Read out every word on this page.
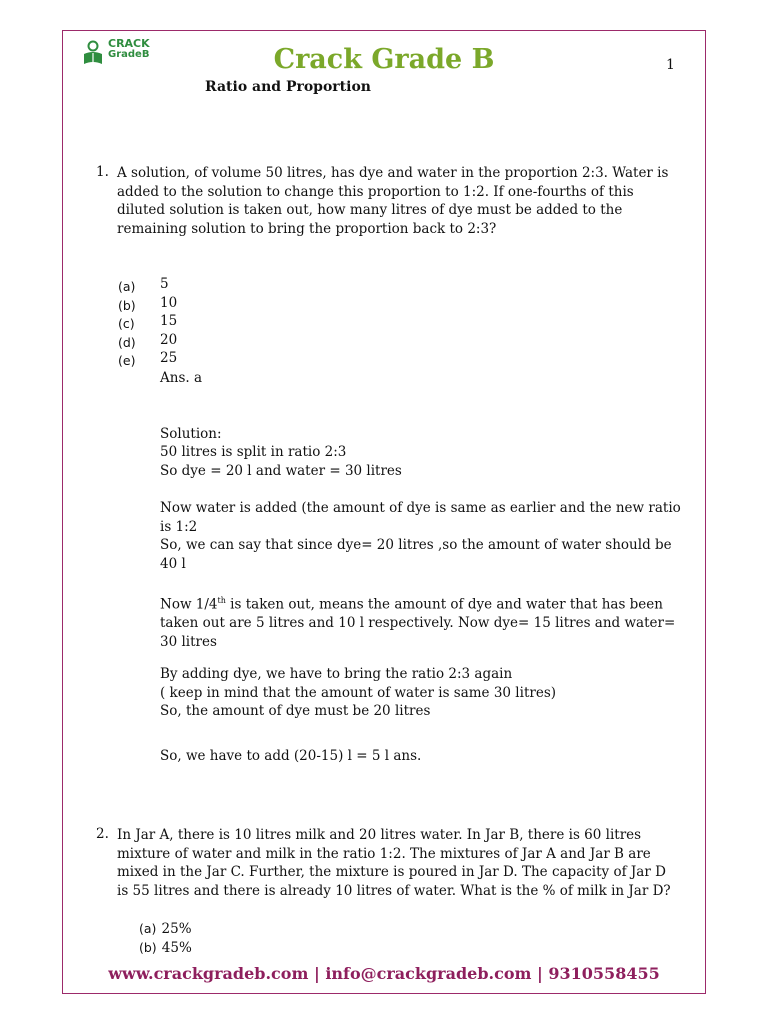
CRACK
GradeB	Crack Grade B	1
Ratio and Proportion
1. A solution, of volume 50 litres, has dye and water in the proportion 2:3. Water is
added to the solution to change this proportion to 1:2. If one-fourths of this
diluted solution is taken out, how many litres of dye must be added to the
remaining solution to bring the proportion back to 2:3?
(a) 5
(b) 10
(c) 15
(d) 20
(e) 25
Ans. a
Solution:
50 litres is split in ratio 2:3
So dye = 20 l and water = 30 litres
Now water is added (the amount of dye is same as earlier and the new ratio
is 1:2
So, we can say that since dye= 20 litres ,so the amount of water should be
40 l
Now 1/4th is taken out, means the amount of dye and water that has been
taken out are 5 litres and 10 l respectively. Now dye= 15 litres and water=
30 litres
By adding dye, we have to bring the ratio 2:3 again
( keep in mind that the amount of water is same 30 litres)
So, the amount of dye must be 20 litres
So, we have to add (20-15) l = 5 l ans.
2. In Jar A, there is 10 litres milk and 20 litres water. In Jar B, there is 60 litres
mixture of water and milk in the ratio 1:2. The mixtures of Jar A and Jar B are
mixed in the Jar C. Further, the mixture is poured in Jar D. The capacity of Jar D
is 55 litres and there is already 10 litres of water. What is the % of milk in Jar D?
(a) 25%
(b) 45%
www.crackgradeb.com | info@crackgradeb.com | 9310558455
